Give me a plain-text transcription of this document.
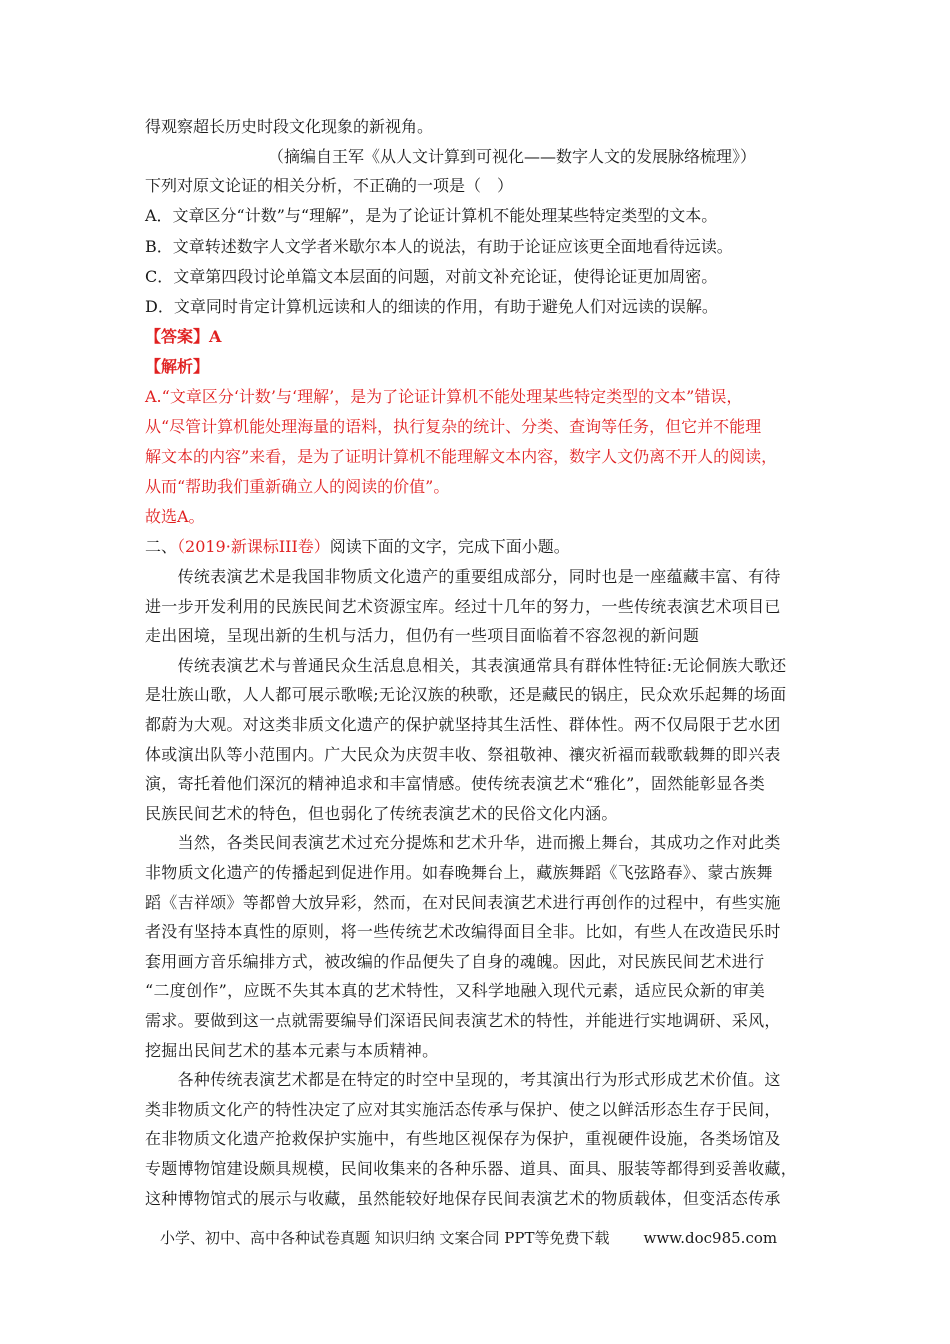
得观察超长历史时段文化现象的新视角。
（摘编自王军《从人文计算到可视化——数字人文的发展脉络梳理》）
下列对原文论证的相关分析，不正确的一项是（　）
A．文章区分“计数”与“理解”，是为了论证计算机不能处理某些特定类型的文本。
B．文章转述数字人文学者米歇尔本人的说法，有助于论证应该更全面地看待远读。
C．文章第四段讨论单篇文本层面的问题，对前文补充论证，使得论证更加周密。
D．文章同时肯定计算机远读和人的细读的作用，有助于避免人们对远读的误解。
【答案】A
【解析】
A.“文章区分‘计数’与‘理解’，是为了论证计算机不能处理某些特定类型的文本”错误，
从“尽管计算机能处理海量的语料，执行复杂的统计、分类、查询等任务，但它并不能理
解文本的内容”来看，是为了证明计算机不能理解文本内容，数字人文仍离不开人的阅读，
从而“帮助我们重新确立人的阅读的价值”。
故选A。
二、（2019·新课标III卷）阅读下面的文字，完成下面小题。
　　传统表演艺术是我国非物质文化遗产的重要组成部分，同时也是一座蕴藏丰富、有待
进一步开发利用的民族民间艺术资源宝库。经过十几年的努力，一些传统表演艺术项目已
走出困境，呈现出新的生机与活力，但仍有一些项目面临着不容忽视的新问题
　　传统表演艺术与普通民众生活息息相关，其表演通常具有群体性特征:无论侗族大歌还
是壮族山歌，人人都可展示歌喉;无论汉族的秧歌，还是藏民的锅庄，民众欢乐起舞的场面
都蔚为大观。对这类非质文化遗产的保护就坚持其生活性、群体性。两不仅局限于艺水团
体或演出队等小范围内。广大民众为庆贺丰收、祭祖敬神、禳灾祈福而载歌载舞的即兴表
演，寄托着他们深沉的精神追求和丰富情感。使传统表演艺术“雅化”，固然能彰显各类
民族民间艺术的特色，但也弱化了传统表演艺术的民俗文化内涵。
　　当然，各类民间表演艺术过充分提炼和艺术升华，进而搬上舞台，其成功之作对此类
非物质文化遗产的传播起到促进作用。如春晚舞台上，藏族舞蹈《飞弦路春》、蒙古族舞
蹈《吉祥颂》等都曾大放异彩，然而，在对民间表演艺术进行再创作的过程中，有些实施
者没有坚持本真性的原则，将一些传统艺术改编得面目全非。比如，有些人在改造民乐时
套用画方音乐编排方式，被改编的作品便失了自身的魂魄。因此，对民族民间艺术进行
“二度创作”，应既不失其本真的艺术特性，又科学地融入现代元素，适应民众新的审美
需求。要做到这一点就需要编导们深语民间表演艺术的特性，并能进行实地调研、采风，
挖掘出民间艺术的基本元素与本质精神。
　　各种传统表演艺术都是在特定的时空中呈现的，考其演出行为形式形成艺术价值。这
类非物质文化产的特性决定了应对其实施活态传承与保护、使之以鲜活形态生存于民间，
在非物质文化遗产抢救保护实施中，有些地区视保存为保护，重视硬件设施，各类场馆及
专题博物馆建设颇具规模，民间收集来的各种乐器、道具、面具、服装等都得到妥善收藏，
这种博物馆式的展示与收藏，虽然能较好地保存民间表演艺术的物质载体，但变活态传承
小学、初中、高中各种试卷真题 知识归纳 文案合同 PPT等免费下载 www.doc985.com
